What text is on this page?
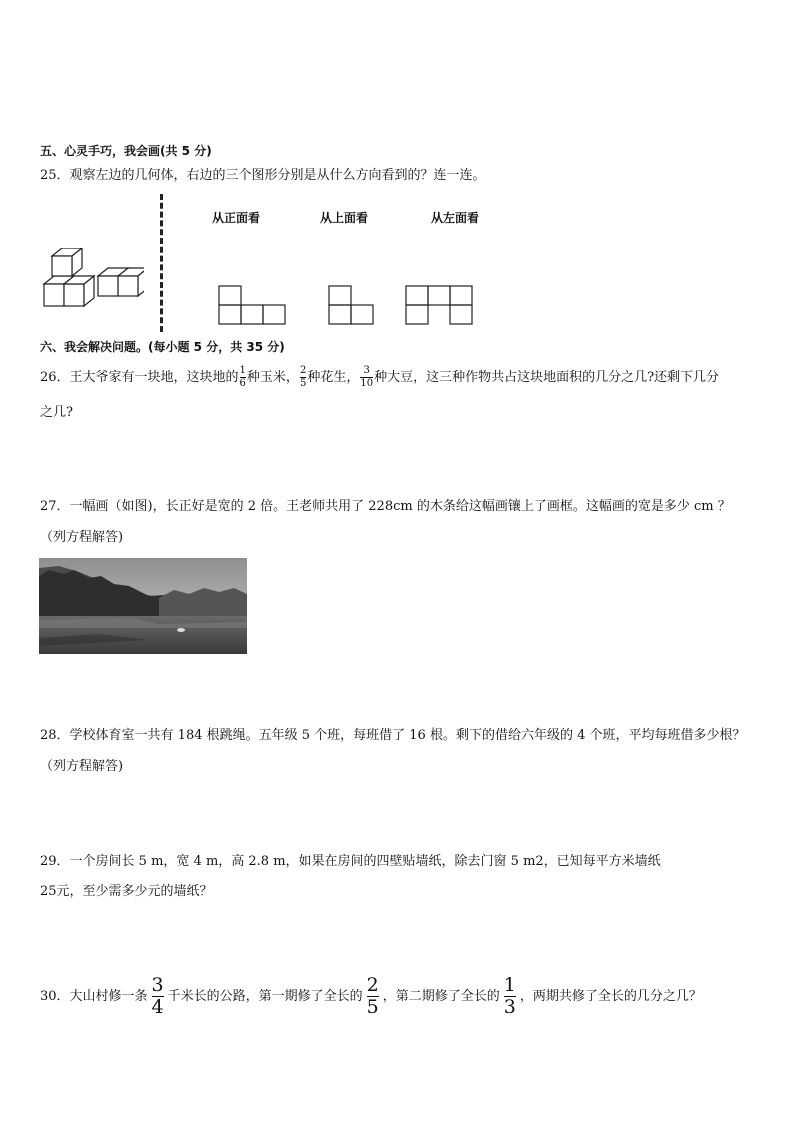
五、心灵手巧，我会画(共 5 分)
25．观察左边的几何体，右边的三个图形分别是从什么方向看到的？连一连。
从正面看	从上面看	从左面看
六、我会解决问题。(每小题 5 分，共 35 分)
26．王大爷家有一块地，这块地的 $\frac{1}{6}$ 种玉米， $\frac{2}{5}$ 种花生， $\frac{3}{10}$ 种大豆，这三种作物共占这块地面积的几分之几?还剩下几分
之几?
27．一幅画（如图)，长正好是宽的 2 倍。王老师共用了 228cm 的木条给这幅画镶上了画框。这幅画的宽是多少 cm ？
（列方程解答)
28．学校体育室一共有 184 根跳绳。五年级 5 个班，每班借了 16 根。剩下的借给六年级的 4 个班，平均每班借多少根？
（列方程解答)
29．一个房间长 5 m，宽 4 m，高 2.8 m，如果在房间的四壁贴墙纸，除去门窗 5 m2，已知每平方米墙纸
25元，至少需多少元的墙纸？
30．大山村修一条 $\frac{3}{4}$ 千米长的公路，第一期修了全长的 $\frac{2}{5}$ ，第二期修了全长的 $\frac{1}{3}$ ，两期共修了全长的几分之几？
